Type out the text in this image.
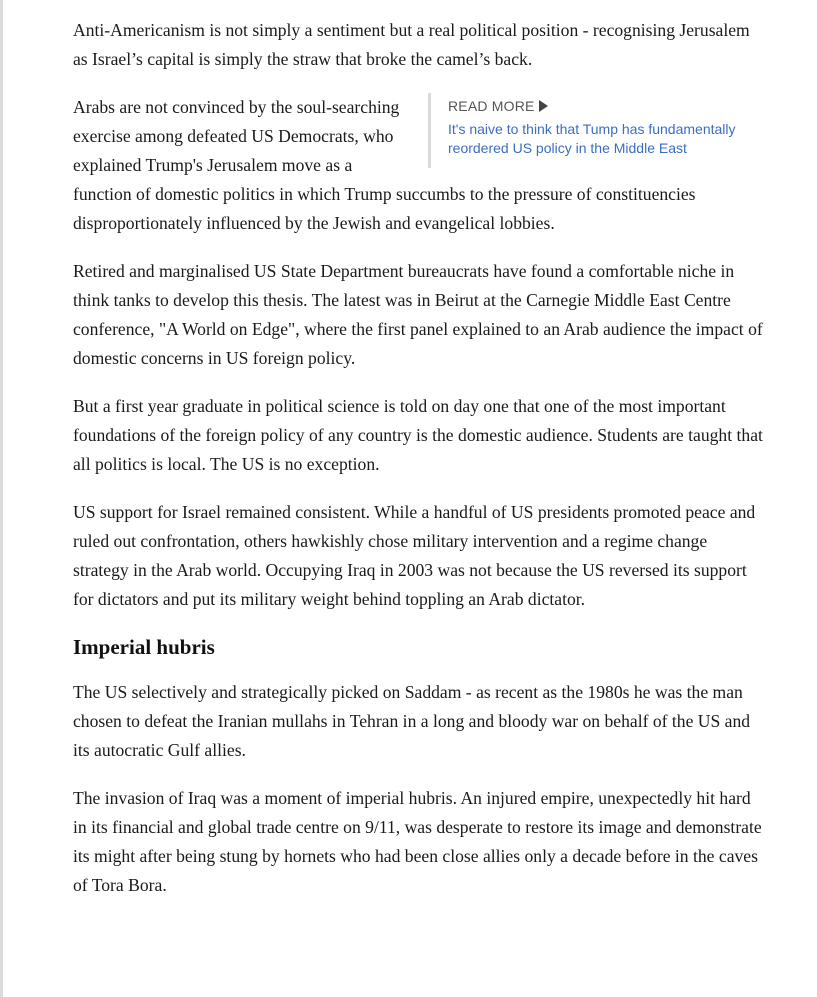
Anti-Americanism is not simply a sentiment but a real political position - recognising Jerusalem as Israel’s capital is simply the straw that broke the camel’s back.

READ MORE
It's naive to think that Tump has fundamentally reordered US policy in the Middle East

Arabs are not convinced by the soul-searching exercise among defeated US Democrats, who explained Trump's Jerusalem move as a function of domestic politics in which Trump succumbs to the pressure of constituencies disproportionately influenced by the Jewish and evangelical lobbies.

Retired and marginalised US State Department bureaucrats have found a comfortable niche in think tanks to develop this thesis. The latest was in Beirut at the Carnegie Middle East Centre conference, "A World on Edge", where the first panel explained to an Arab audience the impact of domestic concerns in US foreign policy.

But a first year graduate in political science is told on day one that one of the most important foundations of the foreign policy of any country is the domestic audience. Students are taught that all politics is local. The US is no exception.

US support for Israel remained consistent. While a handful of US presidents promoted peace and ruled out confrontation, others hawkishly chose military intervention and a regime change strategy in the Arab world. Occupying Iraq in 2003 was not because the US reversed its support for dictators and put its military weight behind toppling an Arab dictator.

Imperial hubris

The US selectively and strategically picked on Saddam - as recent as the 1980s he was the man chosen to defeat the Iranian mullahs in Tehran in a long and bloody war on behalf of the US and its autocratic Gulf allies.

The invasion of Iraq was a moment of imperial hubris. An injured empire, unexpectedly hit hard in its financial and global trade centre on 9/11, was desperate to restore its image and demonstrate its might after being stung by hornets who had been close allies only a decade before in the caves of Tora Bora.
